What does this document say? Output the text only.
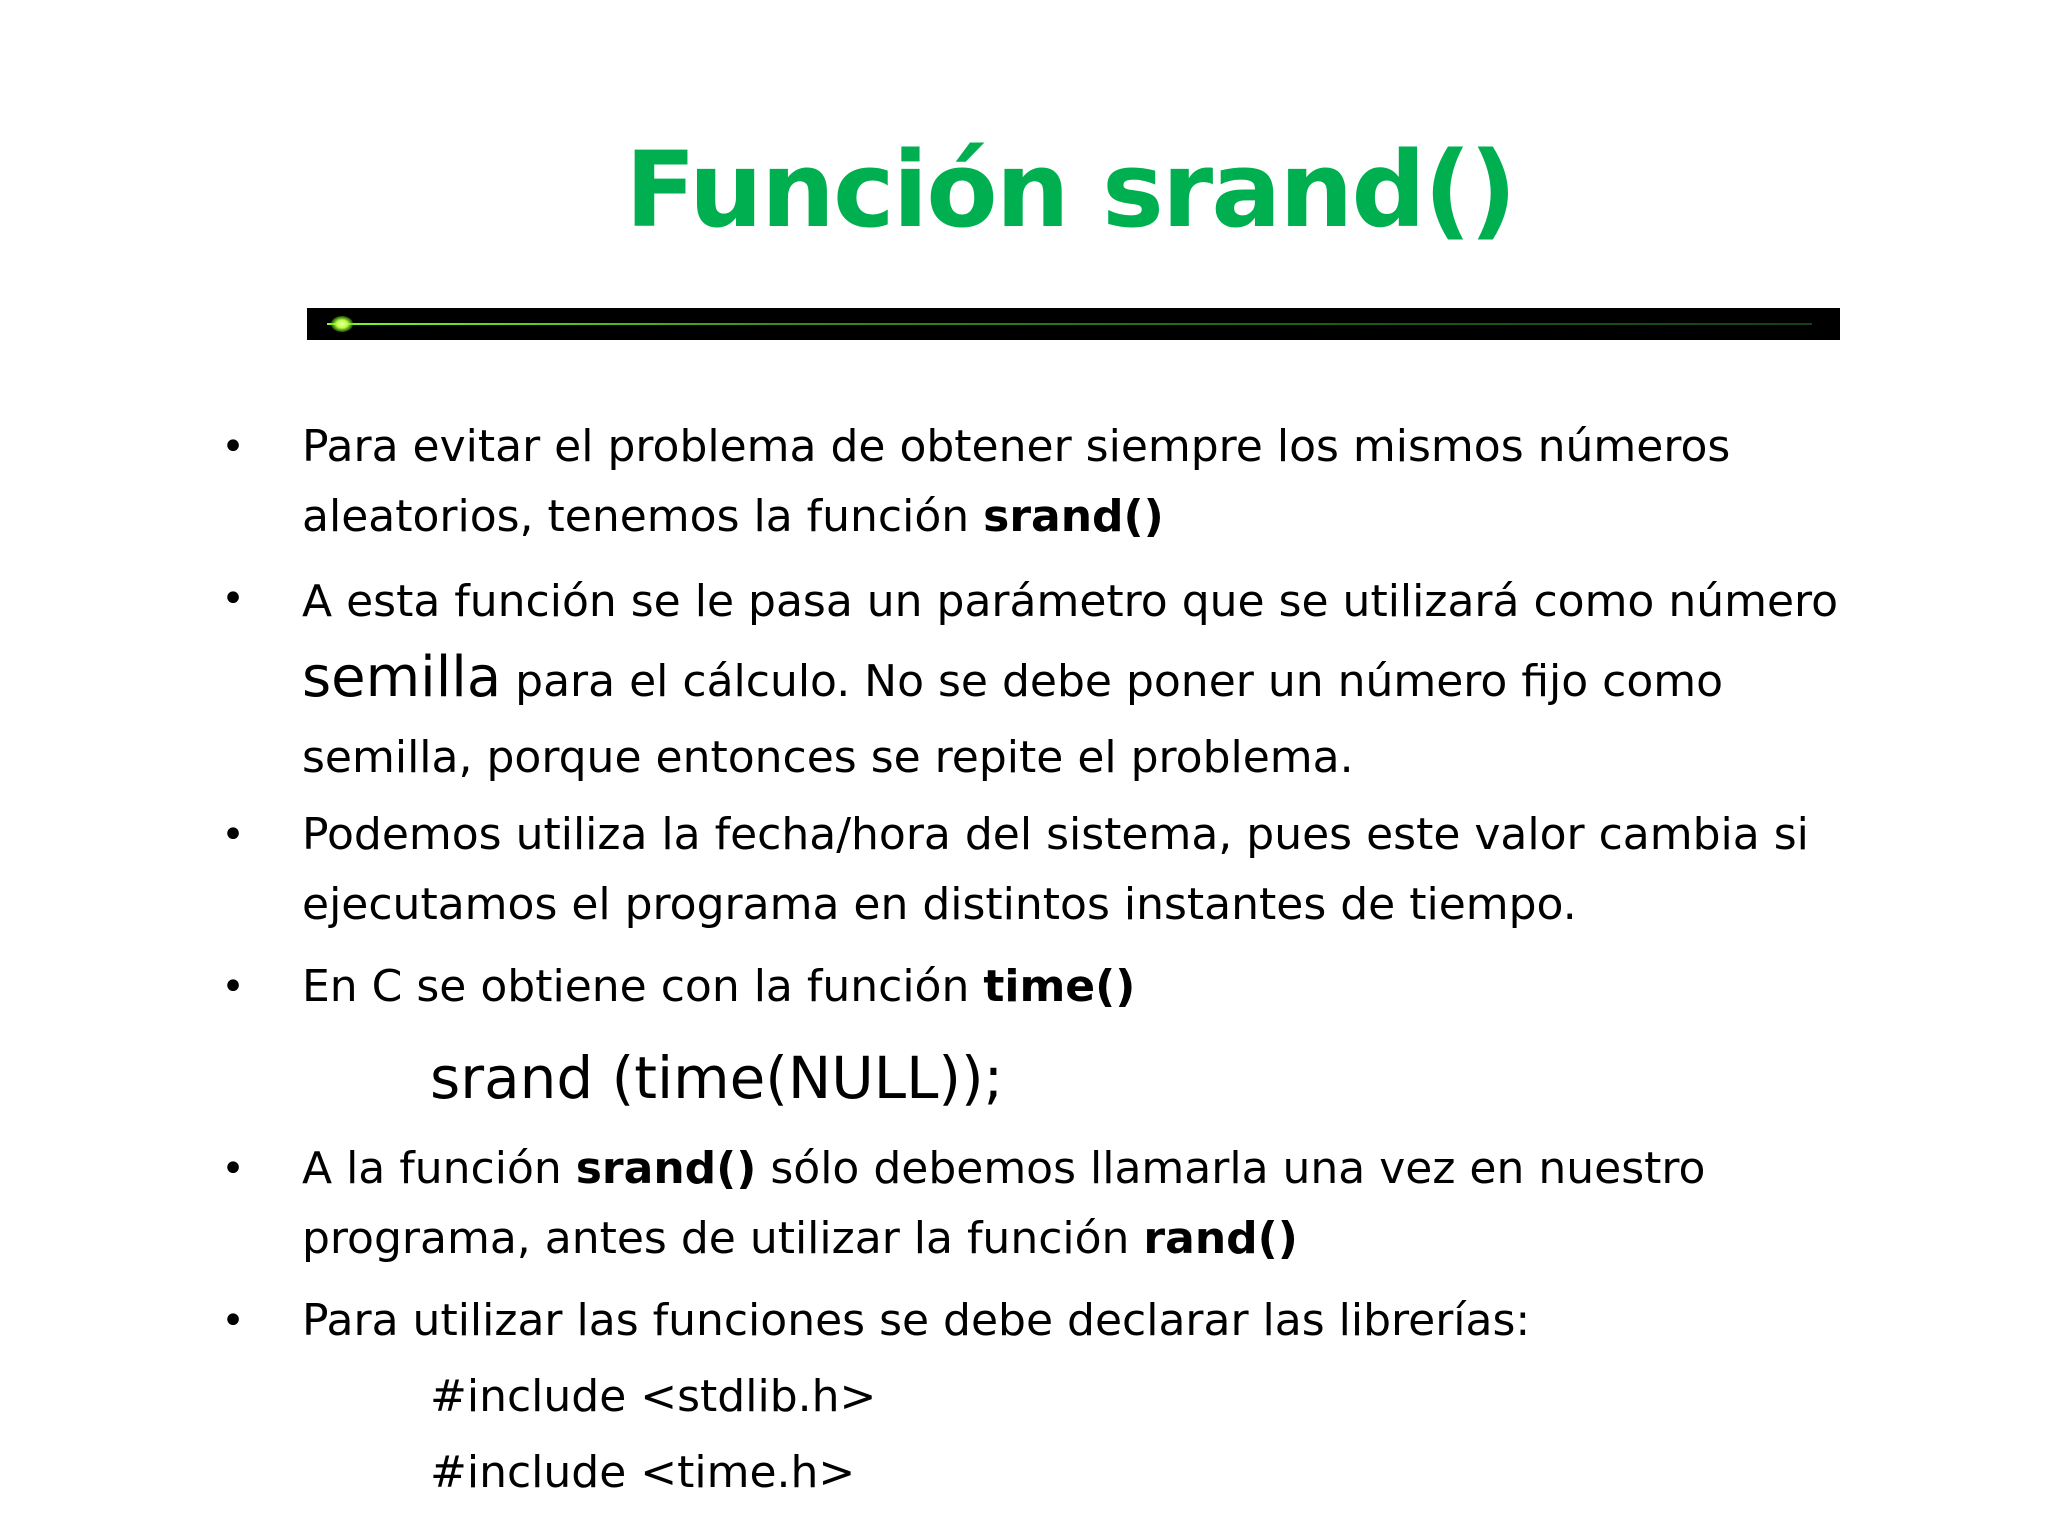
Función srand()
• Para evitar el problema de obtener siempre los mismos números
aleatorios, tenemos la función srand()

• A esta función se le pasa un parámetro que se utilizará como número
semilla para el cálculo. No se debe poner un número fijo como
semilla, porque entonces se repite el problema.

• Podemos utiliza la fecha/hora del sistema, pues este valor cambia si
ejecutamos el programa en distintos instantes de tiempo.

• En C se obtiene con la función time()

srand (time(NULL));

• A la función srand() sólo debemos llamarla una vez en nuestro
programa, antes de utilizar la función rand()

• Para utilizar las funciones se debe declarar las librerías:

#include <stdlib.h>

#include <time.h>
